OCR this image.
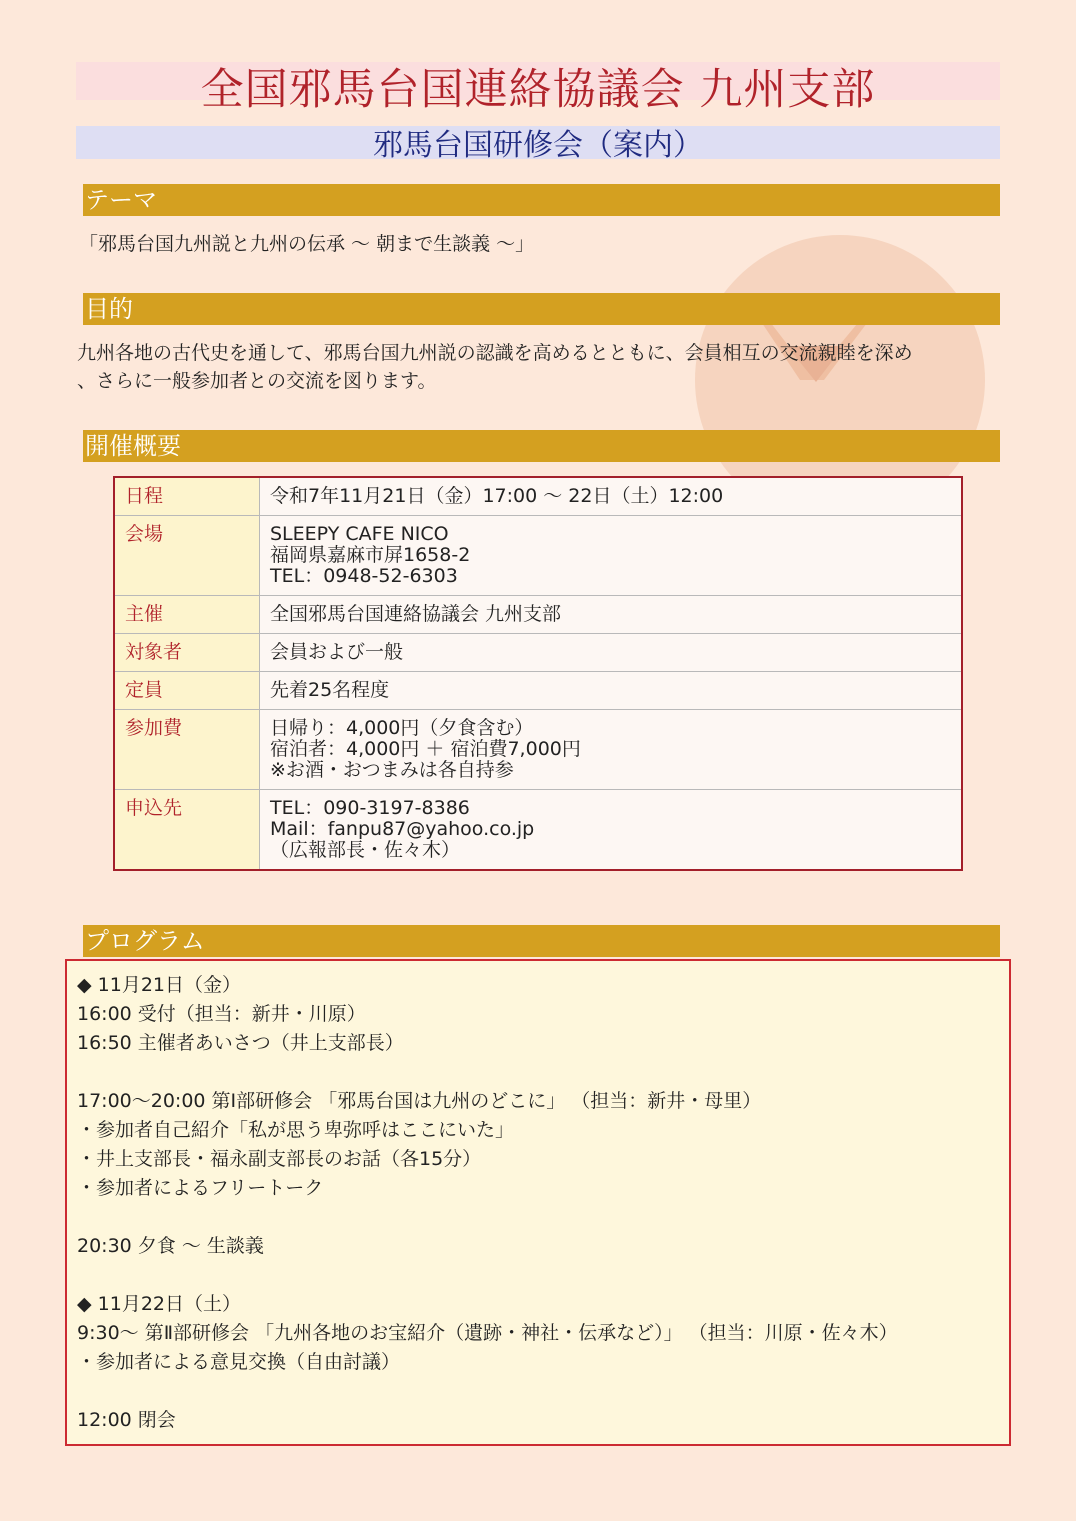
全国邪馬台国連絡協議会 九州支部
邪馬台国研修会（案内）
テーマ
「邪馬台国九州説と九州の伝承 〜 朝まで生談義 〜」
目的
九州各地の古代史を通して、邪馬台国九州説の認識を高めるとともに、会員相互の交流親睦を深め
、さらに一般参加者との交流を図ります。
開催概要
日程	令和7年11月21日（金）17:00 〜 22日（土）12:00
会場	SLEEPY CAFE NICO
福岡県嘉麻市屏1658-2
TEL：0948-52-6303
主催	全国邪馬台国連絡協議会 九州支部
対象者	会員および一般
定員	先着25名程度
参加費	日帰り：4,000円（夕食含む）
宿泊者：4,000円 ＋ 宿泊費7,000円
※お酒・おつまみは各自持参
申込先	TEL：090-3197-8386
Mail：fanpu87@yahoo.co.jp
（広報部長・佐々木）
プログラム
◆ 11月21日（金）
16:00 受付（担当：新井・川原）
16:50 主催者あいさつ（井上支部長）
17:00〜20:00 第Ⅰ部研修会 「邪馬台国は九州のどこに」 （担当：新井・母里）
・参加者自己紹介「私が思う卑弥呼はここにいた」
・井上支部長・福永副支部長のお話（各15分）
・参加者によるフリートーク
20:30 夕食 〜 生談義
◆ 11月22日（土）
9:30〜 第Ⅱ部研修会 「九州各地のお宝紹介（遺跡・神社・伝承など）」 （担当：川原・佐々木）
・参加者による意見交換（自由討議）
12:00 閉会
